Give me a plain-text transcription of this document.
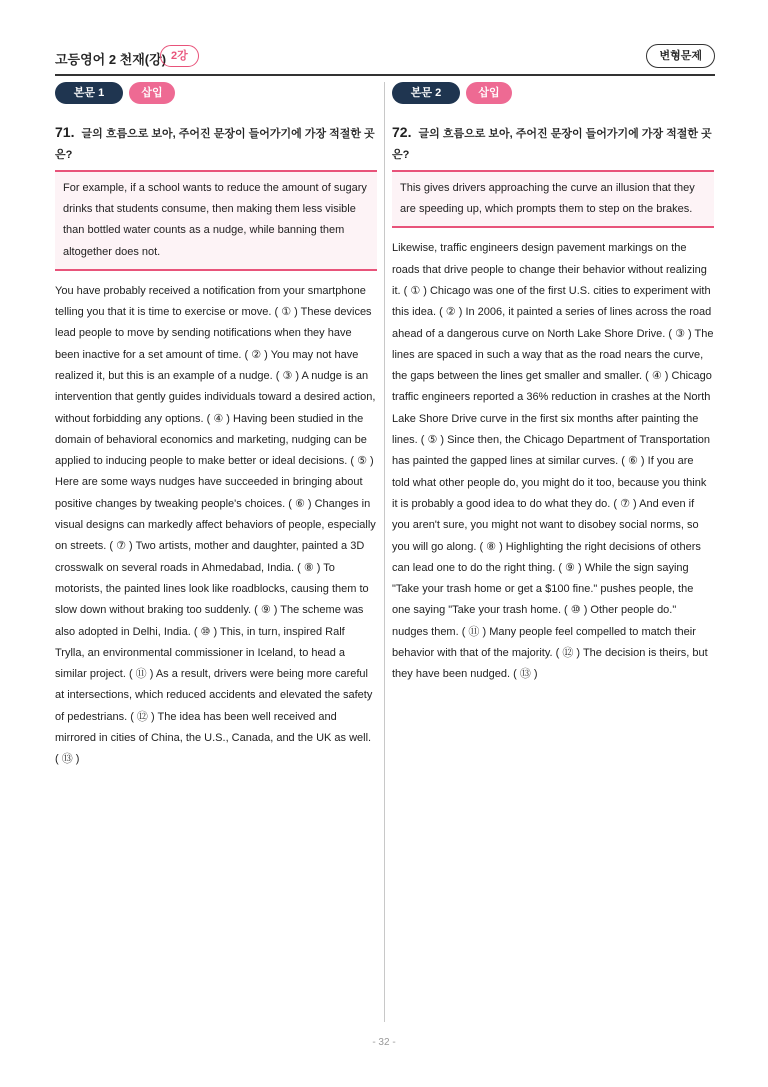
고등영어 2 천재(강) 2강	변형문제
본문 1	삽입
71. 글의 흐름으로 보아, 주어진 문장이 들어가기에 가장 적절한 곳은?
For example, if a school wants to reduce the amount of sugary drinks that students consume, then making them less visible than bottled water counts as a nudge, while banning them altogether does not.
You have probably received a notification from your smartphone telling you that it is time to exercise or move. ( ① ) These devices lead people to move by sending notifications when they have been inactive for a set amount of time. ( ② ) You may not have realized it, but this is an example of a nudge. ( ③ ) A nudge is an intervention that gently guides individuals toward a desired action, without forbidding any options. ( ④ ) Having been studied in the domain of behavioral economics and marketing, nudging can be applied to inducing people to make better or ideal decisions. ( ⑤ ) Here are some ways nudges have succeeded in bringing about positive changes by tweaking people's choices. ( ⑥ ) Changes in visual designs can markedly affect behaviors of people, especially on streets. ( ⑦ ) Two artists, mother and daughter, painted a 3D crosswalk on several roads in Ahmedabad, India. ( ⑧ ) To motorists, the painted lines look like roadblocks, causing them to slow down without braking too suddenly. ( ⑨ ) The scheme was also adopted in Delhi, India. ( ⑩ ) This, in turn, inspired Ralf Trylla, an environmental commissioner in Iceland, to head a similar project. ( ⑪ ) As a result, drivers were being more careful at intersections, which reduced accidents and elevated the safety of pedestrians. ( ⑫ ) The idea has been well received and mirrored in cities of China, the U.S., Canada, and the UK as well. ( ⑬ )
본문 2	삽입
72. 글의 흐름으로 보아, 주어진 문장이 들어가기에 가장 적절한 곳은?
This gives drivers approaching the curve an illusion that they are speeding up, which prompts them to step on the brakes.
Likewise, traffic engineers design pavement markings on the roads that drive people to change their behavior without realizing it. ( ① ) Chicago was one of the first U.S. cities to experiment with this idea. ( ② ) In 2006, it painted a series of lines across the road ahead of a dangerous curve on North Lake Shore Drive. ( ③ ) The lines are spaced in such a way that as the road nears the curve, the gaps between the lines get smaller and smaller. ( ④ ) Chicago traffic engineers reported a 36% reduction in crashes at the North Lake Shore Drive curve in the first six months after painting the lines. ( ⑤ ) Since then, the Chicago Department of Transportation has painted the gapped lines at similar curves. ( ⑥ ) If you are told what other people do, you might do it too, because you think it is probably a good idea to do what they do. ( ⑦ ) And even if you aren't sure, you might not want to disobey social norms, so you will go along. ( ⑧ ) Highlighting the right decisions of others can lead one to do the right thing. ( ⑨ ) While the sign saying "Take your trash home or get a $100 fine." pushes people, the one saying "Take your trash home. ( ⑩ ) Other people do." nudges them. ( ⑪ ) Many people feel compelled to match their behavior with that of the majority. ( ⑫ ) The decision is theirs, but they have been nudged. ( ⑬ )
- 32 -
